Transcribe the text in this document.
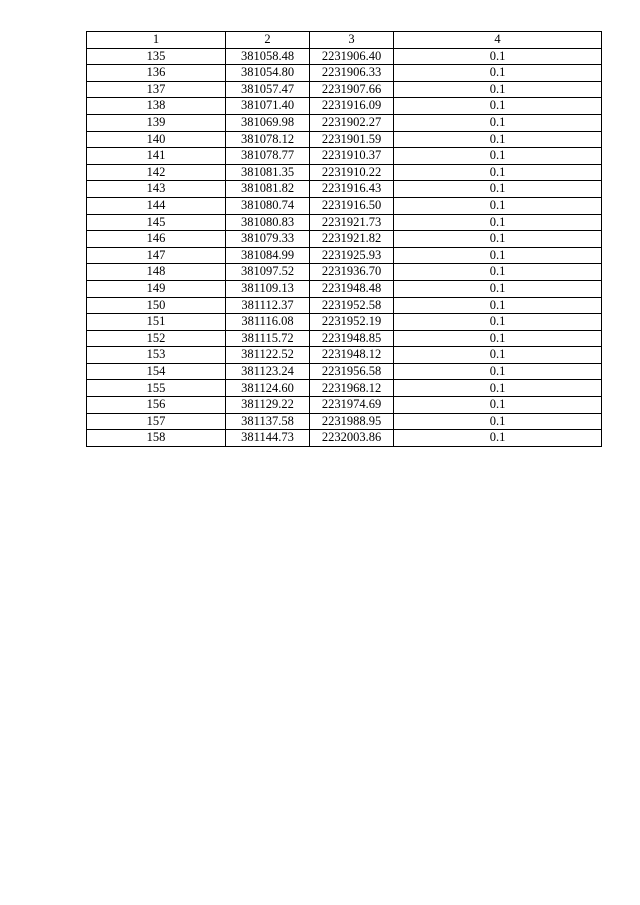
1	2	3	4
135	381058.48	2231906.40	0.1
136	381054.80	2231906.33	0.1
137	381057.47	2231907.66	0.1
138	381071.40	2231916.09	0.1
139	381069.98	2231902.27	0.1
140	381078.12	2231901.59	0.1
141	381078.77	2231910.37	0.1
142	381081.35	2231910.22	0.1
143	381081.82	2231916.43	0.1
144	381080.74	2231916.50	0.1
145	381080.83	2231921.73	0.1
146	381079.33	2231921.82	0.1
147	381084.99	2231925.93	0.1
148	381097.52	2231936.70	0.1
149	381109.13	2231948.48	0.1
150	381112.37	2231952.58	0.1
151	381116.08	2231952.19	0.1
152	381115.72	2231948.85	0.1
153	381122.52	2231948.12	0.1
154	381123.24	2231956.58	0.1
155	381124.60	2231968.12	0.1
156	381129.22	2231974.69	0.1
157	381137.58	2231988.95	0.1
158	381144.73	2232003.86	0.1
